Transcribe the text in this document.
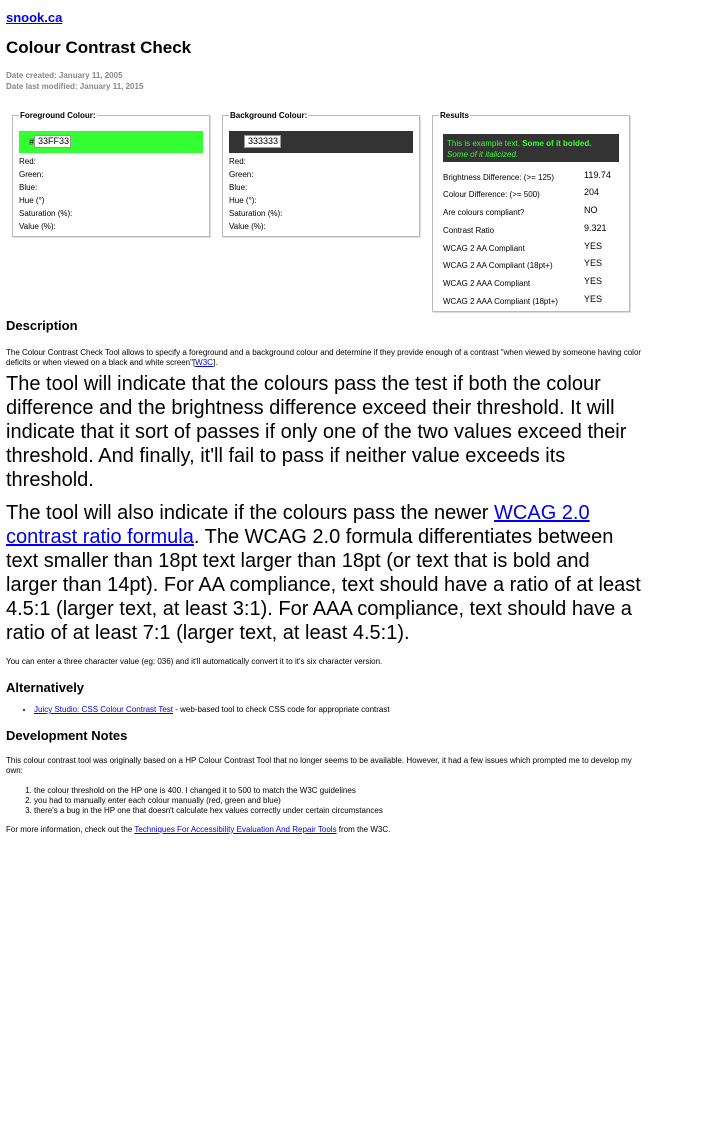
snook.ca
Colour Contrast Check
Date created: January 11, 2005
Date last modified: January 11, 2015
Foreground Colour:
#
33FF33
Red:
Green:
Blue:
Hue (°)
Saturation (%):
Value (%):
Background Colour:
333333
Red:
Green:
Blue:
Hue (°):
Saturation (%):
Value (%):
Results
This is example text. Some of it bolded.
Some of it italicized.
Brightness Difference: (>= 125)	119.74
Colour Difference: (>= 500)	204
Are colours compliant?	NO
Contrast Ratio	9.321
WCAG 2 AA Compliant	YES
WCAG 2 AA Compliant (18pt+)	YES
WCAG 2 AAA Compliant	YES
WCAG 2 AAA Compliant (18pt+)	YES
Description

The Colour Contrast Check Tool allows to specify a foreground and a background colour and determine if they provide enough of a contrast "when viewed by someone having color deficits or when viewed on a black and white screen"[W3C].

The tool will indicate that the colours pass the test if both the colour difference and the brightness difference exceed their threshold. It will indicate that it sort of passes if only one of the two values exceed their threshold. And finally, it'll fail to pass if neither value exceeds its threshold.

The tool will also indicate if the colours pass the newer WCAG 2.0 contrast ratio formula. The WCAG 2.0 formula differentiates between text smaller than 18pt text larger than 18pt (or text that is bold and larger than 14pt). For AA compliance, text should have a ratio of at least 4.5:1 (larger text, at least 3:1). For AAA compliance, text should have a ratio of at least 7:1 (larger text, at least 4.5:1).

You can enter a three character value (eg: 036) and it'll automatically convert it to it's six character version.

Alternatively
• Juicy Studio: CSS Colour Contrast Test - web-based tool to check CSS code for appropriate contrast
Development Notes

This colour contrast tool was originally based on a HP Colour Contrast Tool that no longer seems to be available. However, it had a few issues which prompted me to develop my own:

1. the colour threshold on the HP one is 400. I changed it to 500 to match the W3C guidelines
2. you had to manually enter each colour manually (red, green and blue)
3. there's a bug in the HP one that doesn't calculate hex values correctly under certain circumstances

For more information, check out the Techniques For Accessibility Evaluation And Repair Tools from the W3C.
